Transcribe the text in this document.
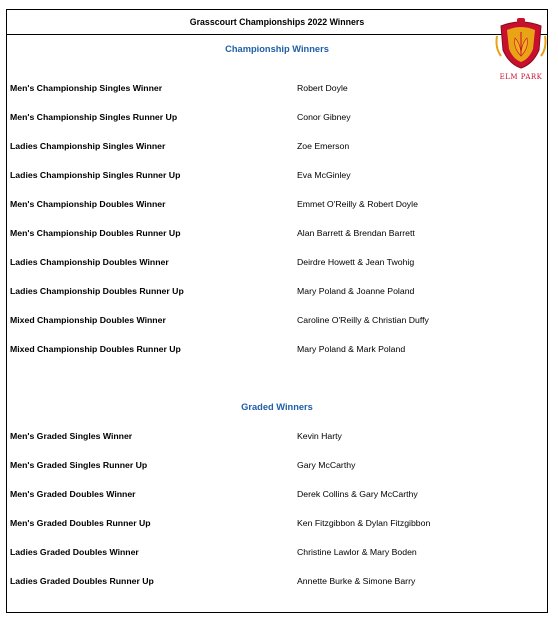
Grasscourt Championships 2022 Winners
ELM PARK
Championship Winners
Men's Championship Singles Winner	Robert Doyle
Men's Championship Singles Runner Up	Conor Gibney
Ladies Championship Singles Winner	Zoe Emerson
Ladies Championship Singles Runner Up	Eva McGinley
Men's Championship Doubles Winner	Emmet O'Reilly & Robert Doyle
Men's Championship Doubles Runner Up	Alan Barrett & Brendan Barrett
Ladies Championship Doubles Winner	Deirdre Howett & Jean Twohig
Ladies Championship Doubles Runner Up	Mary Poland & Joanne Poland
Mixed Championship Doubles Winner	Caroline O'Reilly & Christian Duffy
Mixed Championship Doubles Runner Up	Mary Poland & Mark Poland
Graded Winners
Men's Graded Singles Winner	Kevin Harty
Men's Graded Singles Runner Up	Gary McCarthy
Men's Graded Doubles Winner	Derek Collins & Gary McCarthy
Men's Graded Doubles Runner Up	Ken Fitzgibbon & Dylan Fitzgibbon
Ladies Graded Doubles Winner	Christine Lawlor & Mary Boden
Ladies Graded Doubles Runner Up	Annette Burke & Simone Barry
